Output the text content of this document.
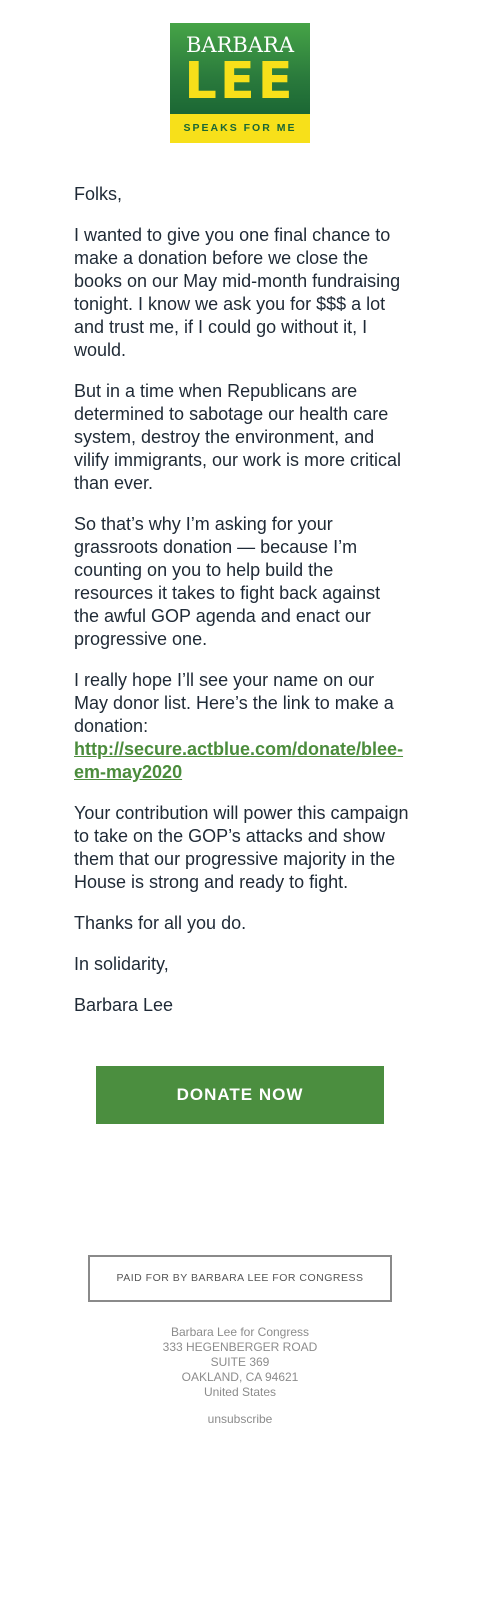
BARBARA
LEE
SPEAKS FOR ME

Folks,

I wanted to give you one final chance to make a donation before we close the books on our May mid-month fundraising tonight. I know we ask you for $$$ a lot and trust me, if I could go without it, I would.

But in a time when Republicans are determined to sabotage our health care system, destroy the environment, and vilify immigrants, our work is more critical than ever.

So that’s why I’m asking for your grassroots donation — because I’m counting on you to help build the resources it takes to fight back against the awful GOP agenda and enact our progressive one.

I really hope I’ll see your name on our May donor list. Here’s the link to make a donation: http://secure.actblue.com/donate/blee-em-may2020

Your contribution will power this campaign to take on the GOP’s attacks and show them that our progressive majority in the House is strong and ready to fight.

Thanks for all you do.

In solidarity,

Barbara Lee

DONATE NOW
PAID FOR BY BARBARA LEE FOR CONGRESS
Barbara Lee for Congress
333 HEGENBERGER ROAD
SUITE 369
OAKLAND, CA 94621
United States
unsubscribe
